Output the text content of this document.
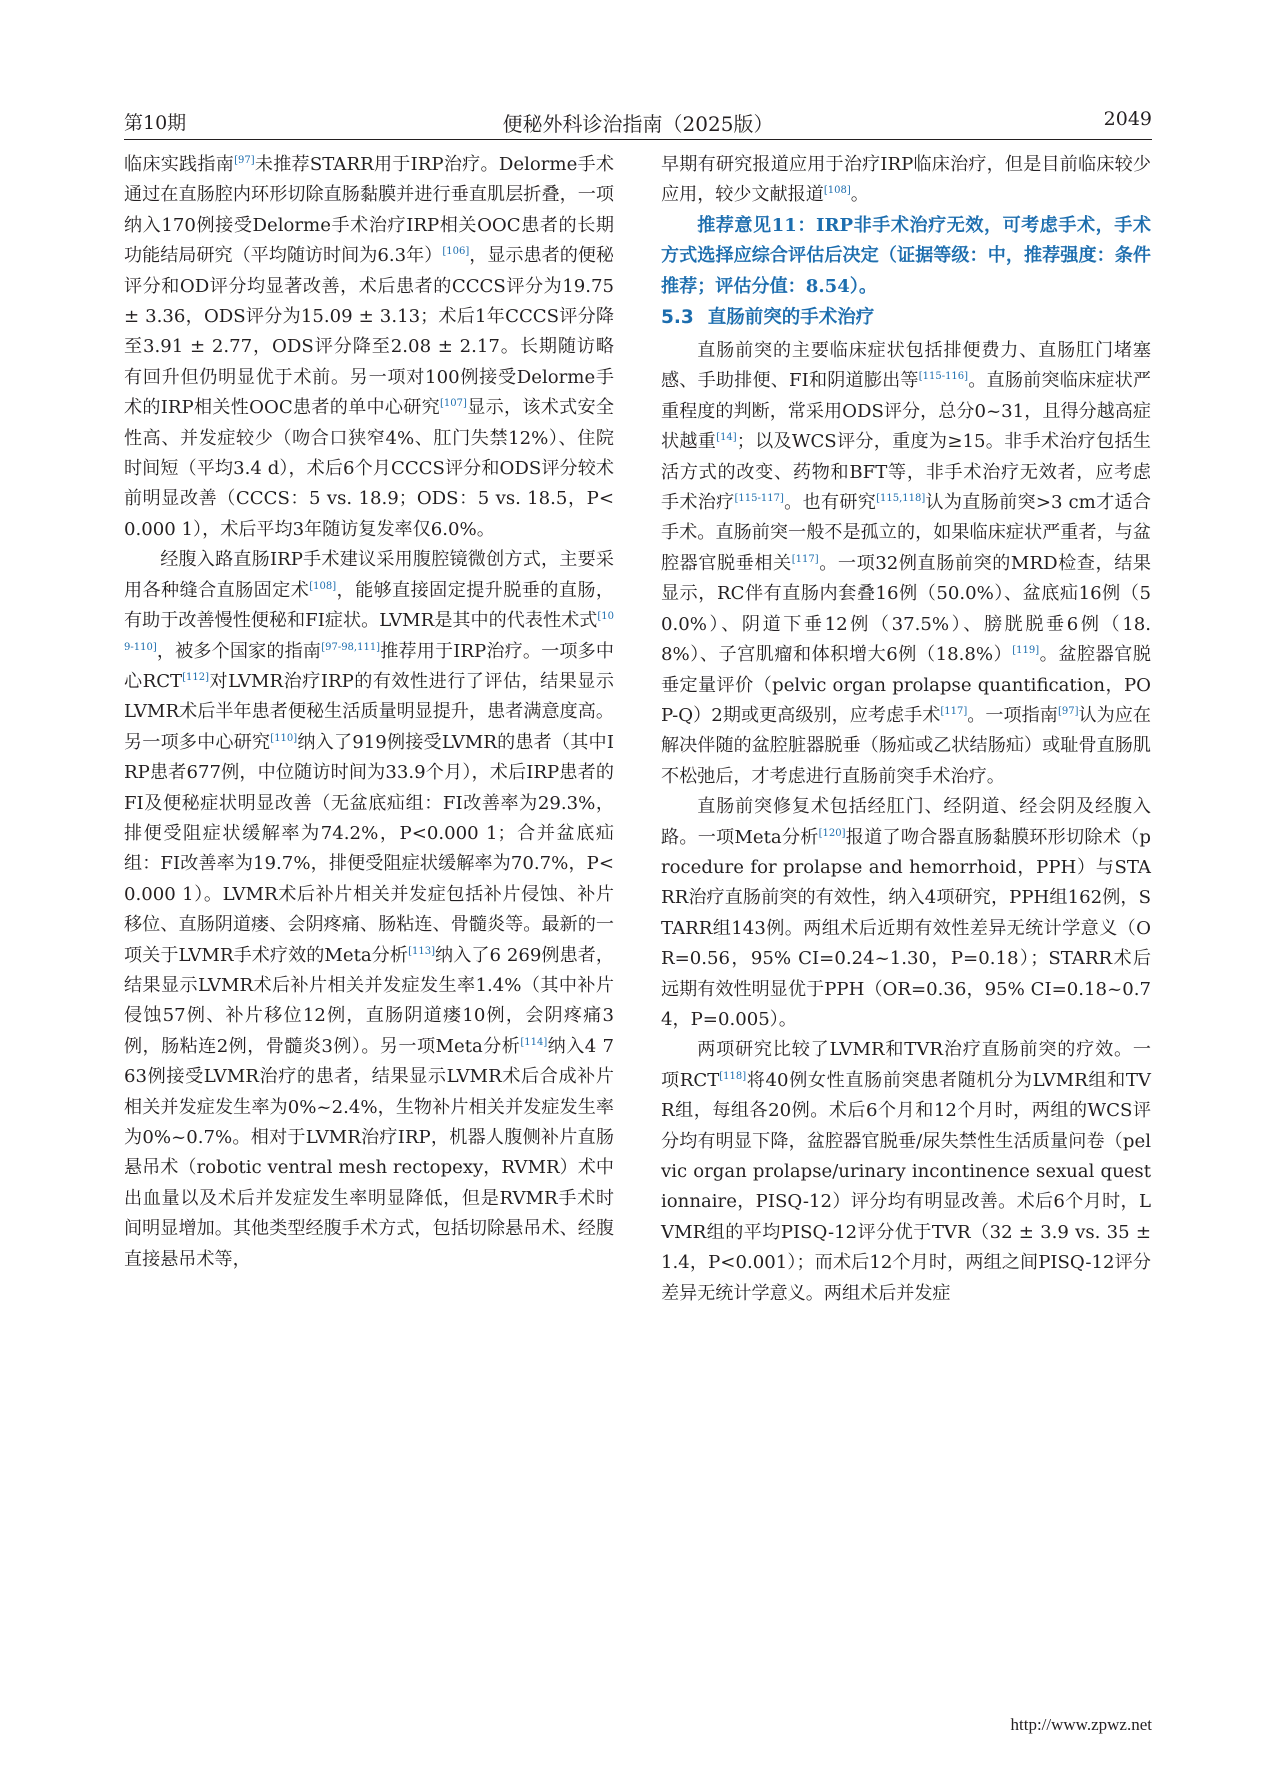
第10期	便秘外科诊治指南（2025版）	2049

临床实践指南[97]未推荐STARR用于IRP治疗。Delorme手术通过在直肠腔内环形切除直肠黏膜并进行垂直肌层折叠，一项纳入170例接受Delorme手术治疗IRP相关OOC患者的长期功能结局研究（平均随访时间为6.3年）[106]，显示患者的便秘评分和OD评分均显著改善，术后患者的CCCS评分为19.75 ± 3.36，ODS评分为15.09 ± 3.13；术后1年CCCS评分降至3.91 ± 2.77，ODS评分降至2.08 ± 2.17。长期随访略有回升但仍明显优于术前。另一项对100例接受Delorme手术的IRP相关性OOC患者的单中心研究[107]显示，该术式安全性高、并发症较少（吻合口狭窄4%、肛门失禁12%）、住院时间短（平均3.4 d），术后6个月CCCS评分和ODS评分较术前明显改善（CCCS：5 vs. 18.9；ODS：5 vs. 18.5，P<0.000 1），术后平均3年随访复发率仅6.0%。

经腹入路直肠IRP手术建议采用腹腔镜微创方式，主要采用各种缝合直肠固定术[108]，能够直接固定提升脱垂的直肠，有助于改善慢性便秘和FI症状。LVMR是其中的代表性术式[109-110]，被多个国家的指南[97-98,111]推荐用于IRP治疗。一项多中心RCT[112]对LVMR治疗IRP的有效性进行了评估，结果显示LVMR术后半年患者便秘生活质量明显提升，患者满意度高。另一项多中心研究[110]纳入了919例接受LVMR的患者（其中IRP患者677例，中位随访时间为33.9个月），术后IRP患者的FI及便秘症状明显改善（无盆底疝组：FI改善率为29.3%，排便受阻症状缓解率为74.2%，P<0.000 1；合并盆底疝组：FI改善率为19.7%，排便受阻症状缓解率为70.7%，P<0.000 1）。LVMR术后补片相关并发症包括补片侵蚀、补片移位、直肠阴道瘘、会阴疼痛、肠粘连、骨髓炎等。最新的一项关于LVMR手术疗效的Meta分析[113]纳入了6 269例患者，结果显示LVMR术后补片相关并发症发生率1.4%（其中补片侵蚀57例、补片移位12例，直肠阴道瘘10例，会阴疼痛3例，肠粘连2例，骨髓炎3例）。另一项Meta分析[114]纳入4 763例接受LVMR治疗的患者，结果显示LVMR术后合成补片相关并发症发生率为0%~2.4%，生物补片相关并发症发生率为0%~0.7%。相对于LVMR治疗IRP，机器人腹侧补片直肠悬吊术（robotic ventral mesh rectopexy，RVMR）术中出血量以及术后并发症发生率明显降低，但是RVMR手术时间明显增加。其他类型经腹手术方式，包括切除悬吊术、经腹直接悬吊术等，

早期有研究报道应用于治疗IRP临床治疗，但是目前临床较少应用，较少文献报道[108]。

推荐意见11：IRP非手术治疗无效，可考虑手术，手术方式选择应综合评估后决定（证据等级：中，推荐强度：条件推荐；评估分值：8.54）。

5.3 直肠前突的手术治疗

直肠前突的主要临床症状包括排便费力、直肠肛门堵塞感、手助排便、FI和阴道膨出等[115-116]。直肠前突临床症状严重程度的判断，常采用ODS评分，总分0~31，且得分越高症状越重[14]；以及WCS评分，重度为≥15。非手术治疗包括生活方式的改变、药物和BFT等，非手术治疗无效者，应考虑手术治疗[115-117]。也有研究[115,118]认为直肠前突>3 cm才适合手术。直肠前突一般不是孤立的，如果临床症状严重者，与盆腔器官脱垂相关[117]。一项32例直肠前突的MRD检查，结果显示，RC伴有直肠内套叠16例（50.0%）、盆底疝16例（50.0%）、阴道下垂12例（37.5%）、膀胱脱垂6例（18.8%）、子宫肌瘤和体积增大6例（18.8%）[119]。盆腔器官脱垂定量评价（pelvic organ prolapse quantification，POP-Q）2期或更高级别，应考虑手术[117]。一项指南[97]认为应在解决伴随的盆腔脏器脱垂（肠疝或乙状结肠疝）或耻骨直肠肌不松弛后，才考虑进行直肠前突手术治疗。

直肠前突修复术包括经肛门、经阴道、经会阴及经腹入路。一项Meta分析[120]报道了吻合器直肠黏膜环形切除术（procedure for prolapse and hemorrhoid，PPH）与STARR治疗直肠前突的有效性，纳入4项研究，PPH组162例，STARR组143例。两组术后近期有效性差异无统计学意义（OR=0.56，95% CI=0.24~1.30，P=0.18）；STARR术后远期有效性明显优于PPH（OR=0.36，95% CI=0.18~0.74，P=0.005）。

两项研究比较了LVMR和TVR治疗直肠前突的疗效。一项RCT[118]将40例女性直肠前突患者随机分为LVMR组和TVR组，每组各20例。术后6个月和12个月时，两组的WCS评分均有明显下降，盆腔器官脱垂/尿失禁性生活质量问卷（pelvic organ prolapse/urinary incontinence sexual questionnaire，PISQ-12）评分均有明显改善。术后6个月时，LVMR组的平均PISQ-12评分优于TVR（32 ± 3.9 vs. 35 ± 1.4，P<0.001）；而术后12个月时，两组之间PISQ-12评分差异无统计学意义。两组术后并发症

http://www.zpwz.net
